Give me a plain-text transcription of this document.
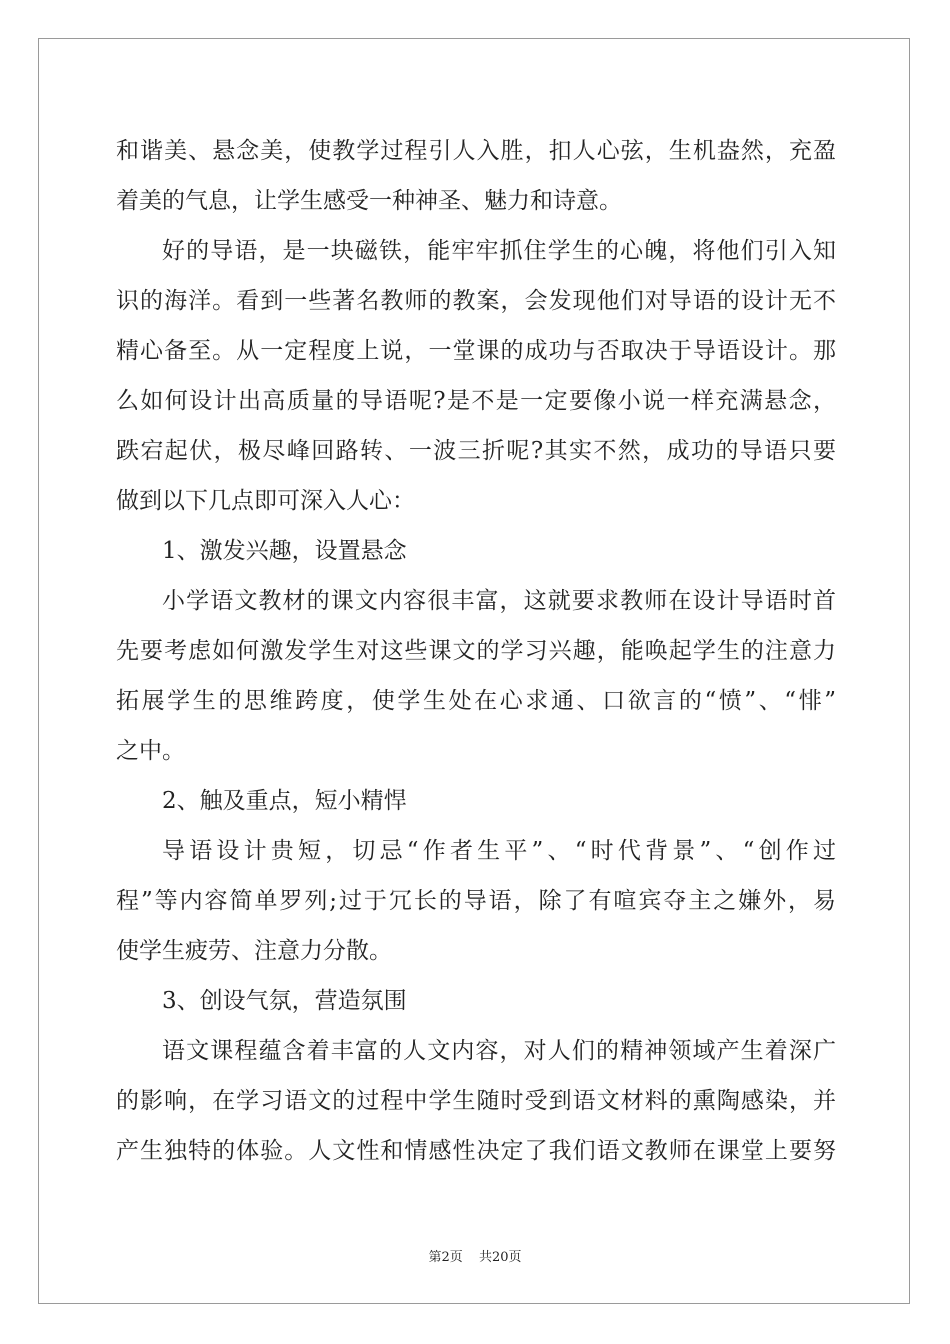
和谐美、悬念美，使教学过程引人入胜，扣人心弦，生机盎然，充盈
着美的气息，让学生感受一种神圣、魅力和诗意。
好的导语，是一块磁铁，能牢牢抓住学生的心魄，将他们引入知
识的海洋。看到一些著名教师的教案，会发现他们对导语的设计无不
精心备至。从一定程度上说，一堂课的成功与否取决于导语设计。那
么如何设计出高质量的导语呢?是不是一定要像小说一样充满悬念，
跌宕起伏，极尽峰回路转、一波三折呢?其实不然，成功的导语只要
做到以下几点即可深入人心：
1、激发兴趣，设置悬念
小学语文教材的课文内容很丰富，这就要求教师在设计导语时首
先要考虑如何激发学生对这些课文的学习兴趣，能唤起学生的注意力
拓展学生的思维跨度，使学生处在心求通、口欲言的“愤”、“悱”
之中。
2、触及重点，短小精悍
导语设计贵短，切忌“作者生平”、“时代背景”、“创作过
程”等内容简单罗列;过于冗长的导语，除了有喧宾夺主之嫌外，易
使学生疲劳、注意力分散。
3、创设气氛，营造氛围
语文课程蕴含着丰富的人文内容，对人们的精神领域产生着深广
的影响，在学习语文的过程中学生随时受到语文材料的熏陶感染，并
产生独特的体验。人文性和情感性决定了我们语文教师在课堂上要努
第2页 共20页
